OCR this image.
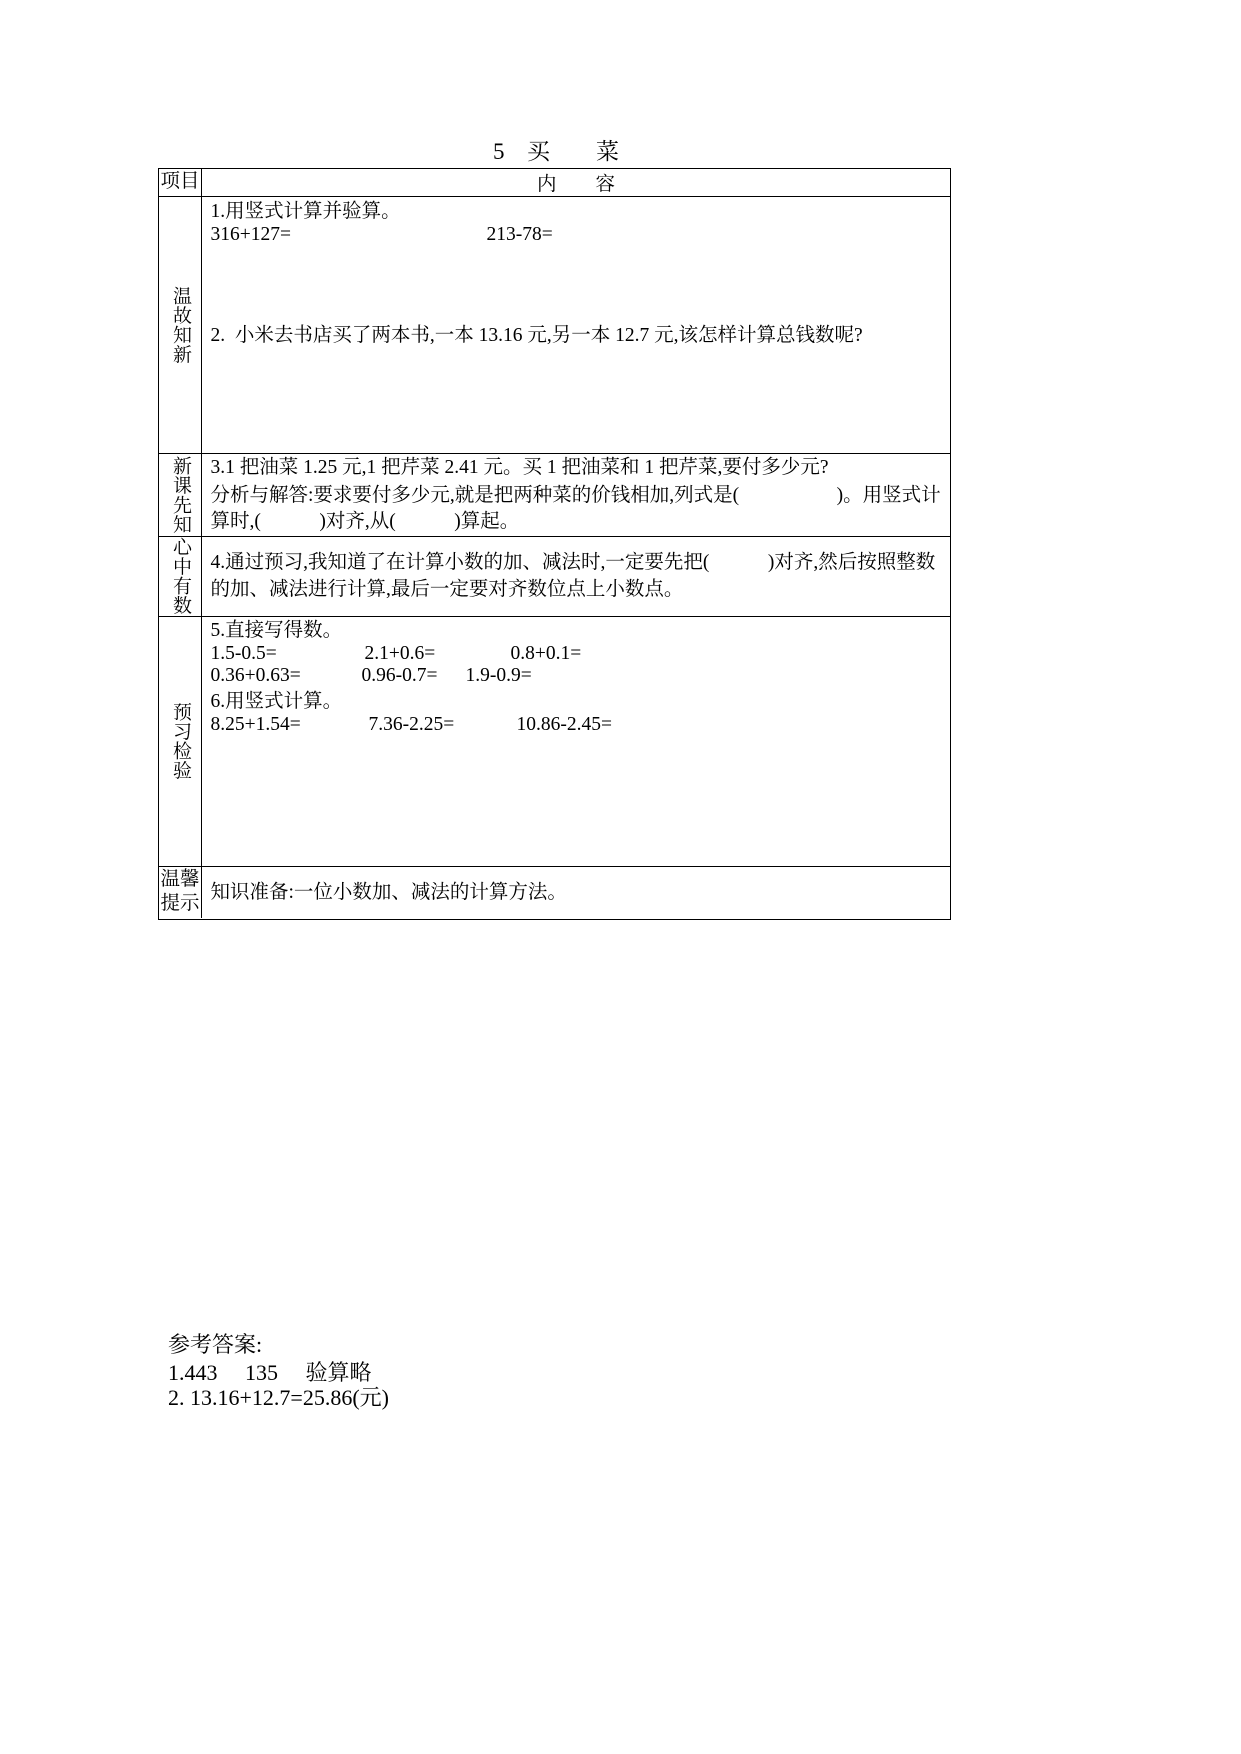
5 买　　菜
项目	内　　容
温故知新
1.用竖式计算并验算。
316+127=	213-78=
2.  小米去书店买了两本书,一本 13.16 元,另一本 12.7 元,该怎样计算总钱数呢?
新课先知 3.1 把油菜 1.25 元,1 把芹菜 2.41 元。买 1 把油菜和 1 把芹菜,要付多少元?
分析与解答:要求要付多少元,就是把两种菜的价钱相加,列式是(　　　　　)。用竖式计
算时,(　　　)对齐,从(　　　)算起。
心中有数 4.通过预习,我知道了在计算小数的加、减法时,一定要先把(　　　)对齐,然后按照整数
的加、减法进行计算,最后一定要对齐数位点上小数点。
预习检验
5.直接写得数。
1.5-0.5=	2.1+0.6=	0.8+0.1=
0.36+0.63=	0.96-0.7= 1.9-0.9=
6.用竖式计算。
8.25+1.54=	7.36-2.25=	10.86-2.45=
温馨
提示
知识准备:一位小数加、减法的计算方法。
参考答案:
1.443　 135　 验算略
2. 13.16+12.7=25.86(元)
